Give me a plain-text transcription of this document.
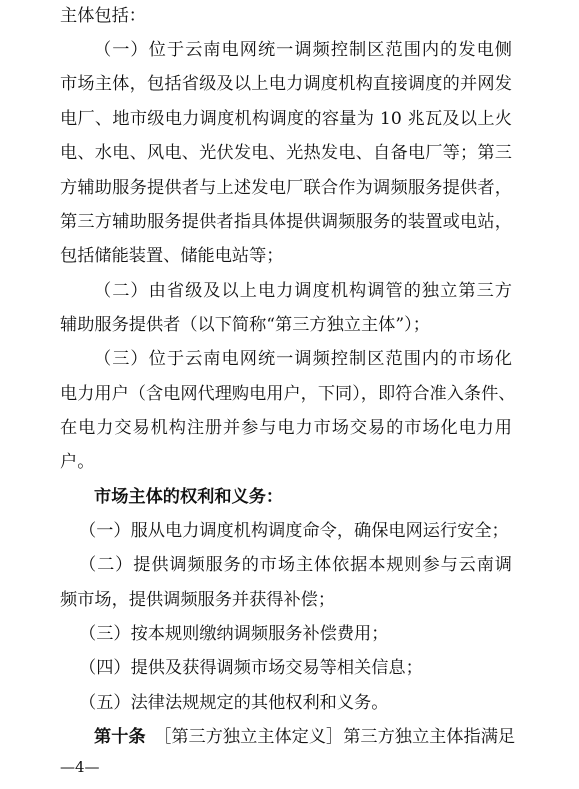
主体包括：
（一）位于云南电网统一调频控制区范围内的发电侧
市场主体，包括省级及以上电力调度机构直接调度的并网发
电厂、地市级电力调度机构调度的容量为 10 兆瓦及以上火
电、水电、风电、光伏发电、光热发电、自备电厂等；第三
方辅助服务提供者与上述发电厂联合作为调频服务提供者，
第三方辅助服务提供者指具体提供调频服务的装置或电站，
包括储能装置、储能电站等；
（二）由省级及以上电力调度机构调管的独立第三方
辅助服务提供者（以下简称“第三方独立主体”）；
（三）位于云南电网统一调频控制区范围内的市场化
电力用户（含电网代理购电用户，下同），即符合准入条件、
在电力交易机构注册并参与电力市场交易的市场化电力用
户。
市场主体的权利和义务：
（一）服从电力调度机构调度命令，确保电网运行安全；
（二）提供调频服务的市场主体依据本规则参与云南调
频市场，提供调频服务并获得补偿；
（三）按本规则缴纳调频服务补偿费用；
（四）提供及获得调频市场交易等相关信息；
（五）法律法规规定的其他权利和义务。
第十条　 ［第三方独立主体定义］第三方独立主体指满足
—4—
